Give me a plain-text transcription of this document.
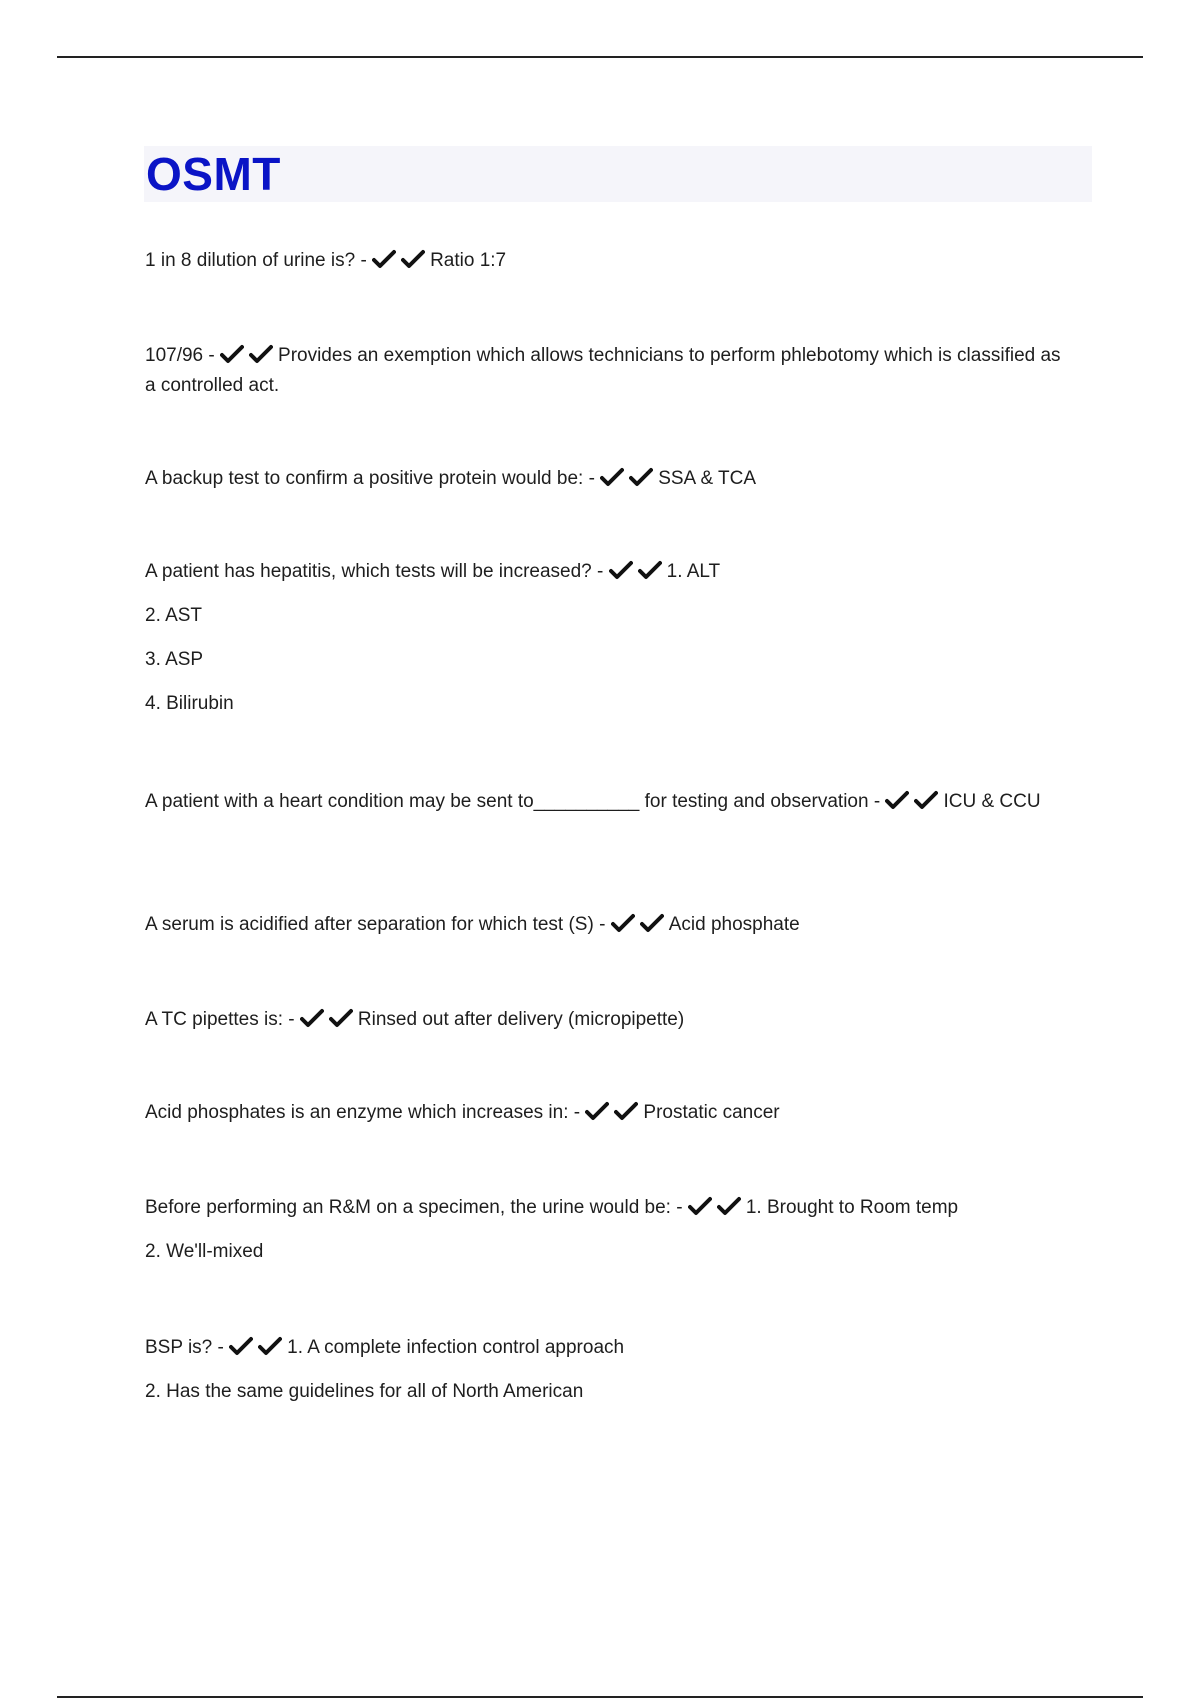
OSMT
1 in 8 dilution of urine is? -	Ratio 1:7
107/96 -	Provides an exemption which allows technicians to perform phlebotomy which is classified as a controlled act.
A backup test to confirm a positive protein would be: -	SSA & TCA
A patient has hepatitis, which tests will be increased? -	1. ALT
2. AST
3. ASP
4. Bilirubin
A patient with a heart condition may be sent to__________ for testing and observation -	ICU & CCU
A serum is acidified after separation for which test (S) -	Acid phosphate
A TC pipettes is: -	Rinsed out after delivery (micropipette)
Acid phosphates is an enzyme which increases in: -	Prostatic cancer
Before performing an R&M on a specimen, the urine would be: -	1. Brought to Room temp
2. We'll-mixed
BSP is? -	1. A complete infection control approach
2. Has the same guidelines for all of North American
